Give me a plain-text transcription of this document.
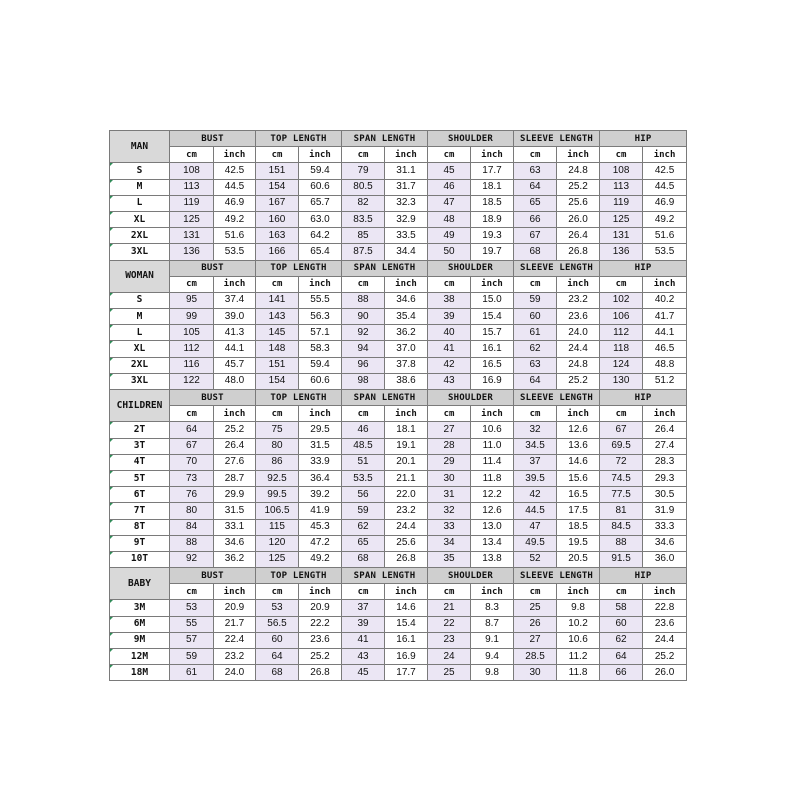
MAN	BUST		TOP LENGTH		SPAN LENGTH		SHOULDER		SLEEVE LENGTH		HIP	
	cm	inch	cm	inch	cm	inch	cm	inch	cm	inch	cm	inch
S	108	42.5	151	59.4	79	31.1	45	17.7	63	24.8	108	42.5
M	113	44.5	154	60.6	80.5	31.7	46	18.1	64	25.2	113	44.5
L	119	46.9	167	65.7	82	32.3	47	18.5	65	25.6	119	46.9
XL	125	49.2	160	63.0	83.5	32.9	48	18.9	66	26.0	125	49.2
2XL	131	51.6	163	64.2	85	33.5	49	19.3	67	26.4	131	51.6
3XL	136	53.5	166	65.4	87.5	34.4	50	19.7	68	26.8	136	53.5
WOMAN	BUST		TOP LENGTH		SPAN LENGTH		SHOULDER		SLEEVE LENGTH		HIP	
	cm	inch	cm	inch	cm	inch	cm	inch	cm	inch	cm	inch
S	95	37.4	141	55.5	88	34.6	38	15.0	59	23.2	102	40.2
M	99	39.0	143	56.3	90	35.4	39	15.4	60	23.6	106	41.7
L	105	41.3	145	57.1	92	36.2	40	15.7	61	24.0	112	44.1
XL	112	44.1	148	58.3	94	37.0	41	16.1	62	24.4	118	46.5
2XL	116	45.7	151	59.4	96	37.8	42	16.5	63	24.8	124	48.8
3XL	122	48.0	154	60.6	98	38.6	43	16.9	64	25.2	130	51.2
CHILDREN	BUST		TOP LENGTH		SPAN LENGTH		SHOULDER		SLEEVE LENGTH		HIP	
	cm	inch	cm	inch	cm	inch	cm	inch	cm	inch	cm	inch
2T	64	25.2	75	29.5	46	18.1	27	10.6	32	12.6	67	26.4
3T	67	26.4	80	31.5	48.5	19.1	28	11.0	34.5	13.6	69.5	27.4
4T	70	27.6	86	33.9	51	20.1	29	11.4	37	14.6	72	28.3
5T	73	28.7	92.5	36.4	53.5	21.1	30	11.8	39.5	15.6	74.5	29.3
6T	76	29.9	99.5	39.2	56	22.0	31	12.2	42	16.5	77.5	30.5
7T	80	31.5	106.5	41.9	59	23.2	32	12.6	44.5	17.5	81	31.9
8T	84	33.1	115	45.3	62	24.4	33	13.0	47	18.5	84.5	33.3
9T	88	34.6	120	47.2	65	25.6	34	13.4	49.5	19.5	88	34.6
10T	92	36.2	125	49.2	68	26.8	35	13.8	52	20.5	91.5	36.0
BABY	BUST		TOP LENGTH		SPAN LENGTH		SHOULDER		SLEEVE LENGTH		HIP	
	cm	inch	cm	inch	cm	inch	cm	inch	cm	inch	cm	inch
3M	53	20.9	53	20.9	37	14.6	21	8.3	25	9.8	58	22.8
6M	55	21.7	56.5	22.2	39	15.4	22	8.7	26	10.2	60	23.6
9M	57	22.4	60	23.6	41	16.1	23	9.1	27	10.6	62	24.4
12M	59	23.2	64	25.2	43	16.9	24	9.4	28.5	11.2	64	25.2
18M	61	24.0	68	26.8	45	17.7	25	9.8	30	11.8	66	26.0
